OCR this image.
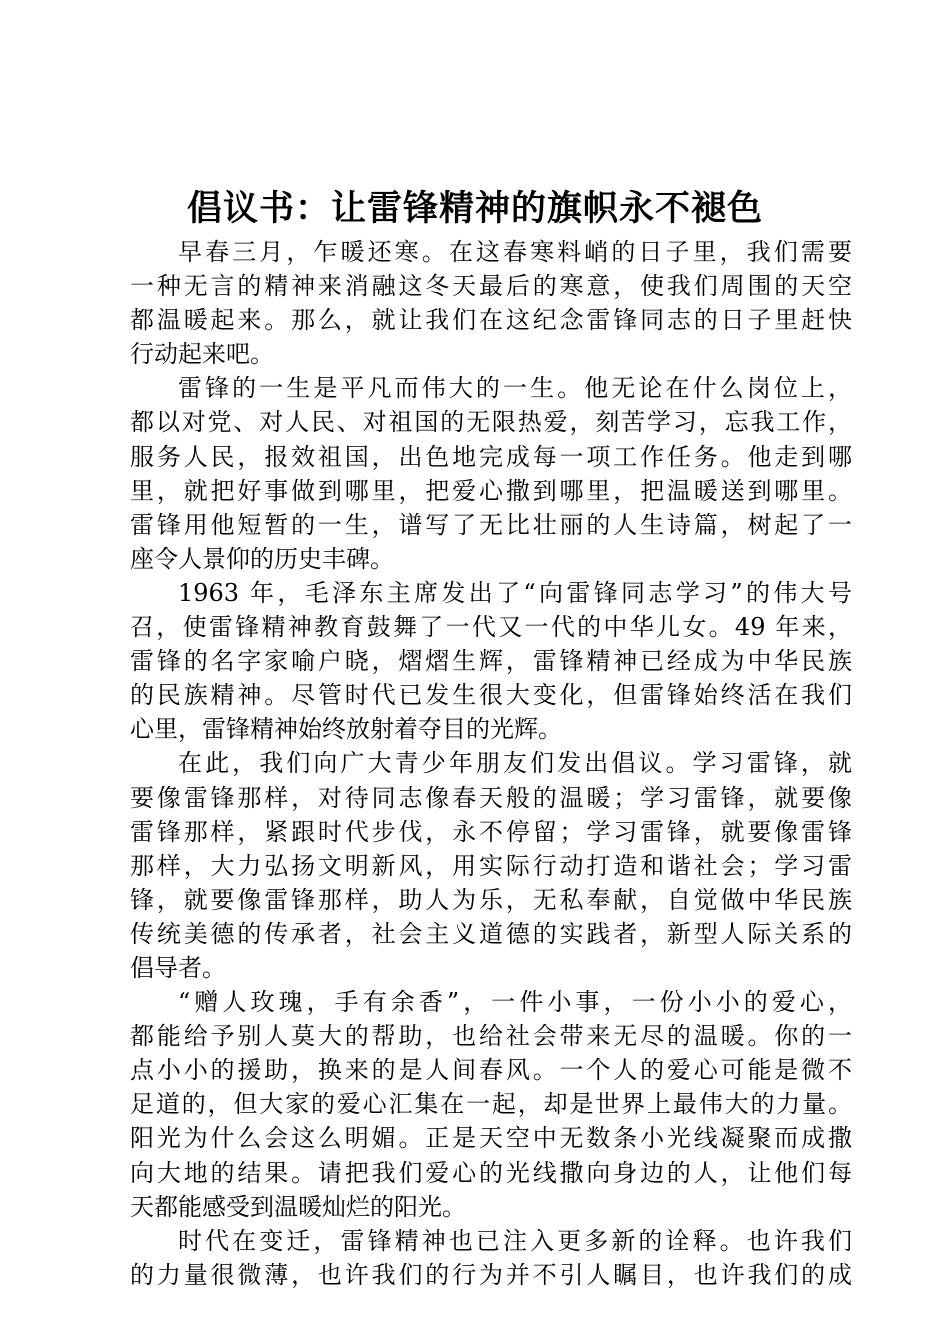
倡议书：让雷锋精神的旗帜永不褪色
早春三月，乍暖还寒。在这春寒料峭的日子里，我们需要
一种无言的精神来消融这冬天最后的寒意，使我们周围的天空
都温暖起来。那么，就让我们在这纪念雷锋同志的日子里赶快
行动起来吧。
雷锋的一生是平凡而伟大的一生。他无论在什么岗位上，
都以对党、对人民、对祖国的无限热爱，刻苦学习，忘我工作，
服务人民，报效祖国，出色地完成每一项工作任务。他走到哪
里，就把好事做到哪里，把爱心撒到哪里，把温暖送到哪里。
雷锋用他短暂的一生，谱写了无比壮丽的人生诗篇，树起了一
座令人景仰的历史丰碑。
1963 年，毛泽东主席发出了“向雷锋同志学习”的伟大号
召，使雷锋精神教育鼓舞了一代又一代的中华儿女。49 年来，
雷锋的名字家喻户晓，熠熠生辉，雷锋精神已经成为中华民族
的民族精神。尽管时代已发生很大变化，但雷锋始终活在我们
心里，雷锋精神始终放射着夺目的光辉。
在此，我们向广大青少年朋友们发出倡议。学习雷锋，就
要像雷锋那样，对待同志像春天般的温暖；学习雷锋，就要像
雷锋那样，紧跟时代步伐，永不停留；学习雷锋，就要像雷锋
那样，大力弘扬文明新风，用实际行动打造和谐社会；学习雷
锋，就要像雷锋那样，助人为乐，无私奉献，自觉做中华民族
传统美德的传承者，社会主义道德的实践者，新型人际关系的
倡导者。
“赠人玫瑰，手有余香”，一件小事，一份小小的爱心，
都能给予别人莫大的帮助，也给社会带来无尽的温暖。你的一
点小小的援助，换来的是人间春风。一个人的爱心可能是微不
足道的，但大家的爱心汇集在一起，却是世界上最伟大的力量。
阳光为什么会这么明媚。正是天空中无数条小光线凝聚而成撒
向大地的结果。请把我们爱心的光线撒向身边的人，让他们每
天都能感受到温暖灿烂的阳光。
时代在变迁，雷锋精神也已注入更多新的诠释。也许我们
的力量很微薄，也许我们的行为并不引人瞩目，也许我们的成
